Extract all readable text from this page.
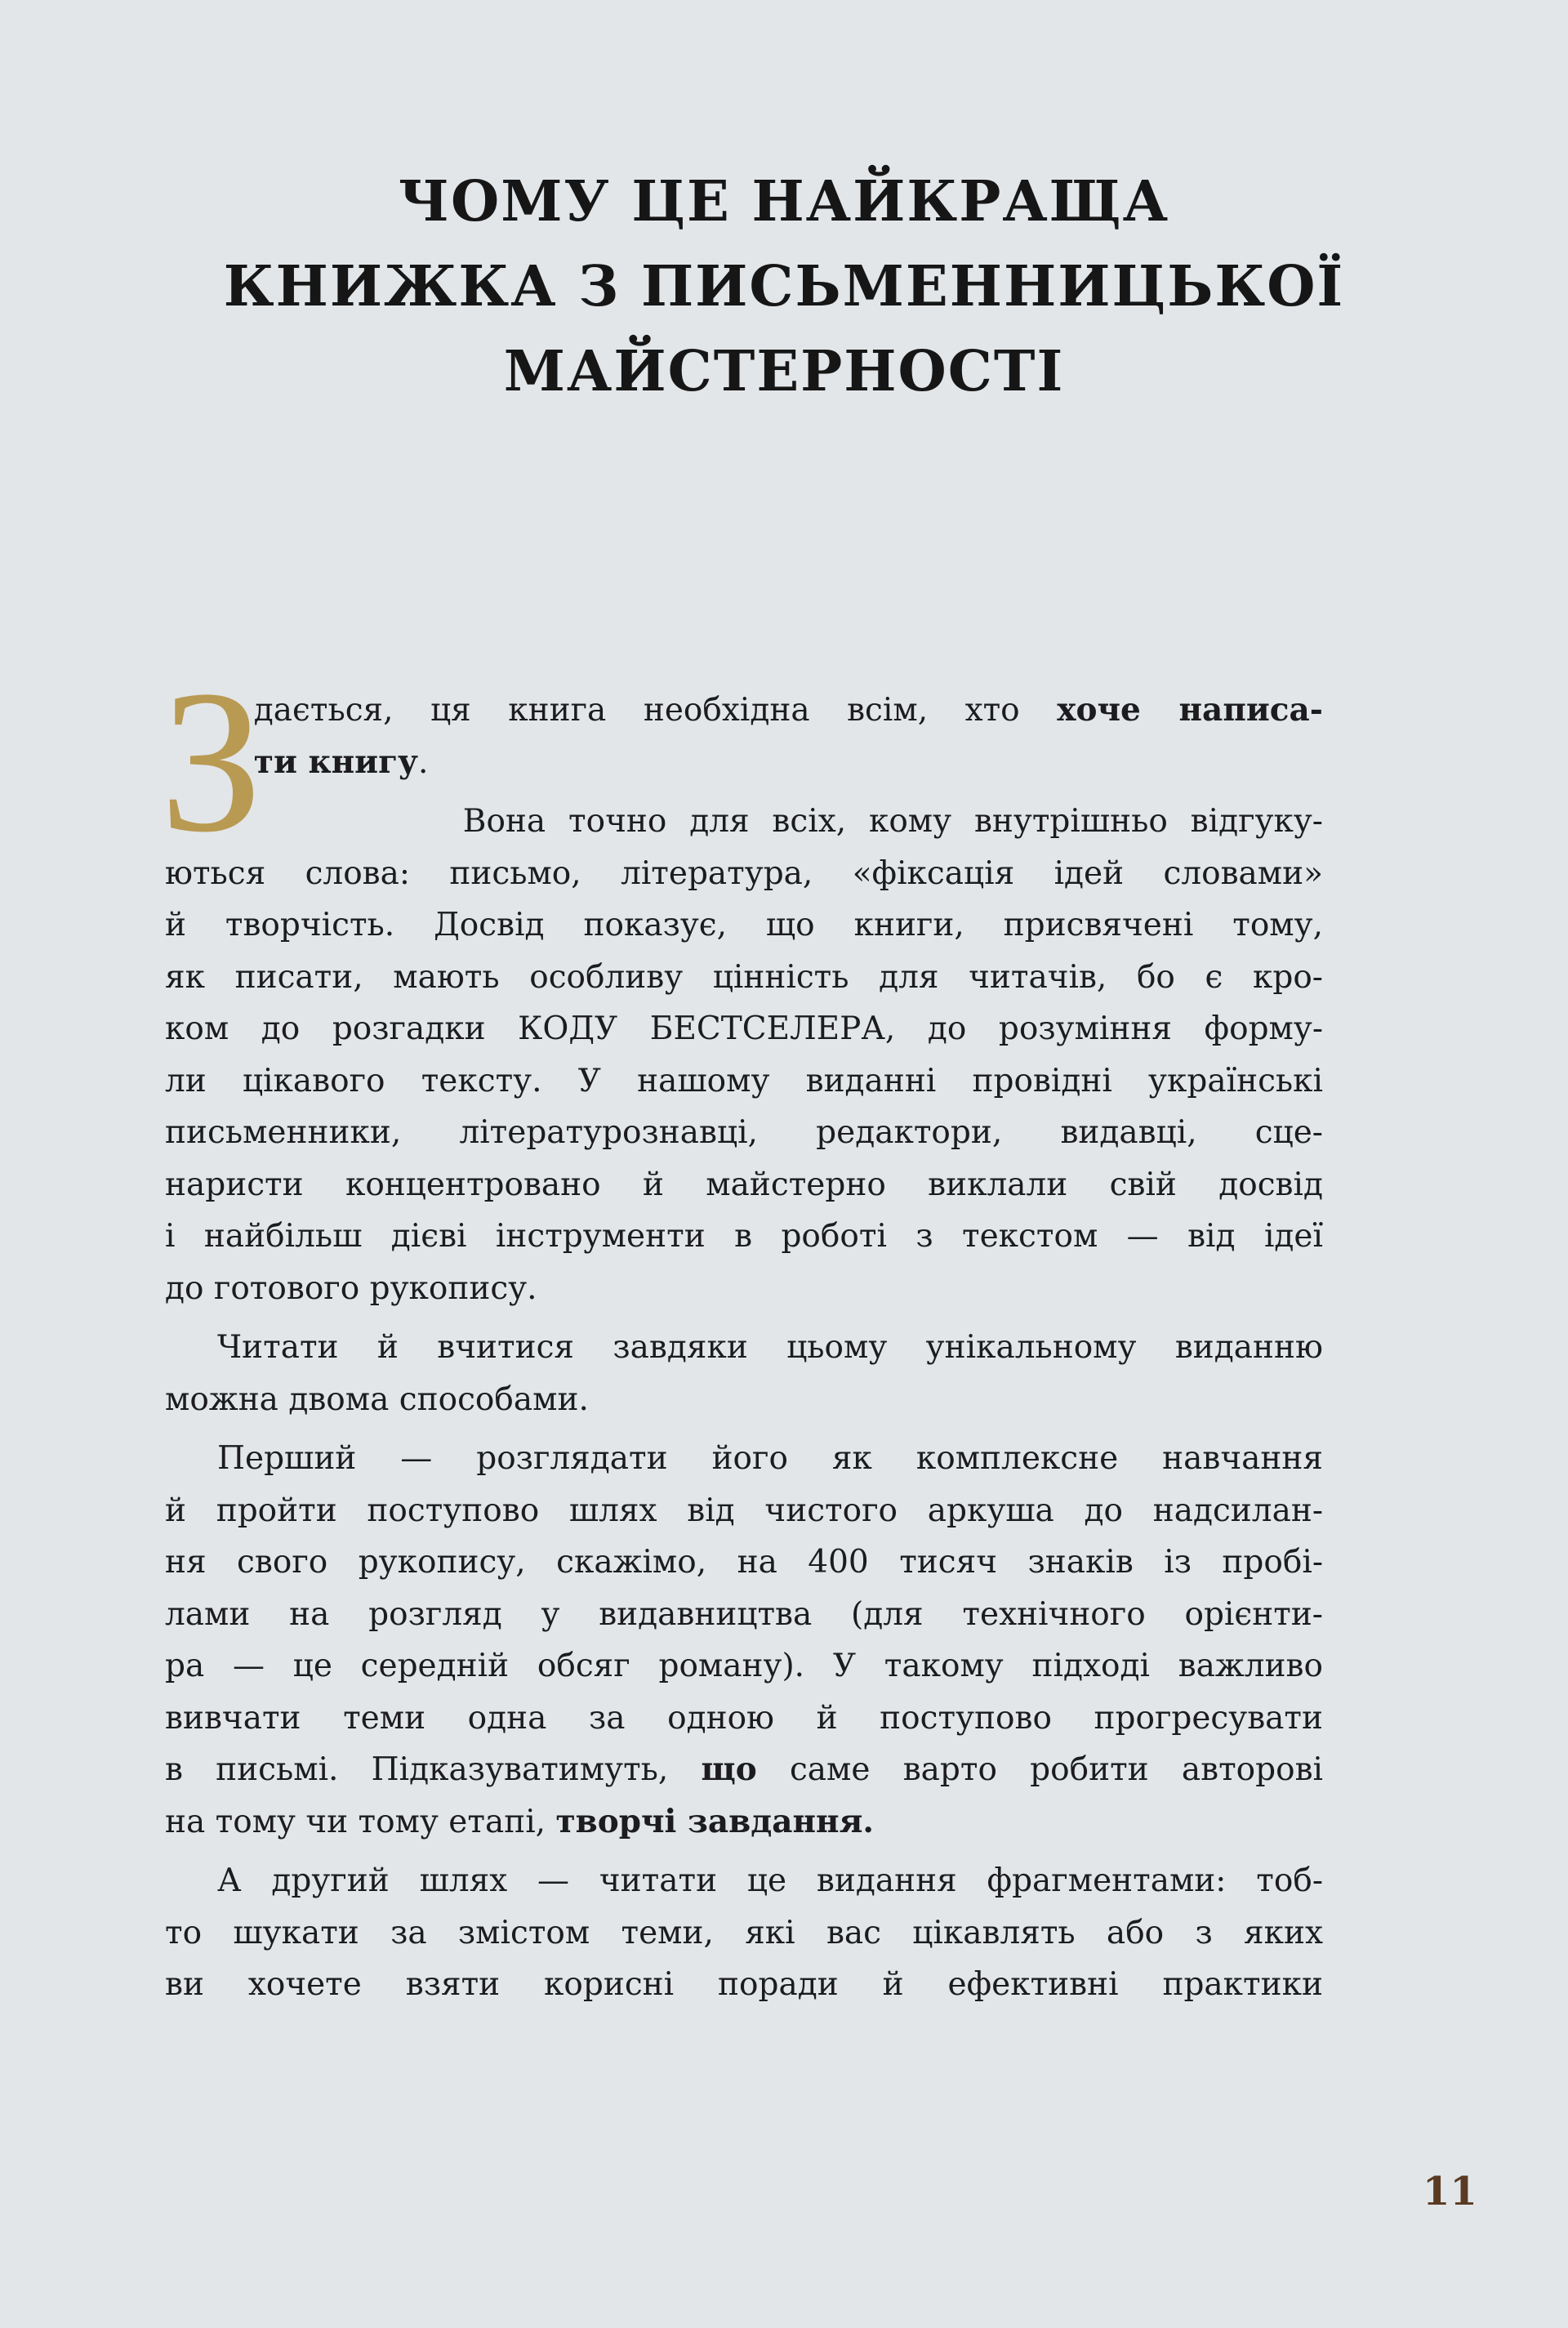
ЧОМУ ЦЕ НАЙКРАЩА
КНИЖКА З ПИСЬМЕННИЦЬКОЇ
МАЙСТЕРНОСТІ
З
дається, ця книга необхідна всім, хто хоче написа-
ти книгу.
Вона точно для всіх, кому внутрішньо відгуку-
ються слова: письмо, література, «фіксація ідей словами»
й творчість. Досвід показує, що книги, присвячені тому,
як писати, мають особливу цінність для читачів, бо є кро-
ком до розгадки КОДУ БЕСТСЕЛЕРА, до розуміння форму-
ли цікавого тексту. У нашому виданні провідні українські
письменники, літературознавці, редактори, видавці, сце-
наристи концентровано й майстерно виклали свій досвід
і найбільш дієві інструменти в роботі з текстом — від ідеї
до готового рукопису.
Читати й вчитися завдяки цьому унікальному виданню
можна двома способами.
Перший — розглядати його як комплексне навчання
й пройти поступово шлях від чистого аркуша до надсилан-
ня свого рукопису, скажімо, на 400 тисяч знаків із пробі-
лами на розгляд у видавництва (для технічного орієнти-
ра — це середній обсяг роману). У такому підході важливо
вивчати теми одна за одною й поступово прогресувати
в письмі. Підказуватимуть, що саме варто робити авторові
на тому чи тому етапі, творчі завдання.
А другий шлях — читати це видання фрагментами: тоб-
то шукати за змістом теми, які вас цікавлять або з яких
ви хочете взяти корисні поради й ефективні практики
11
